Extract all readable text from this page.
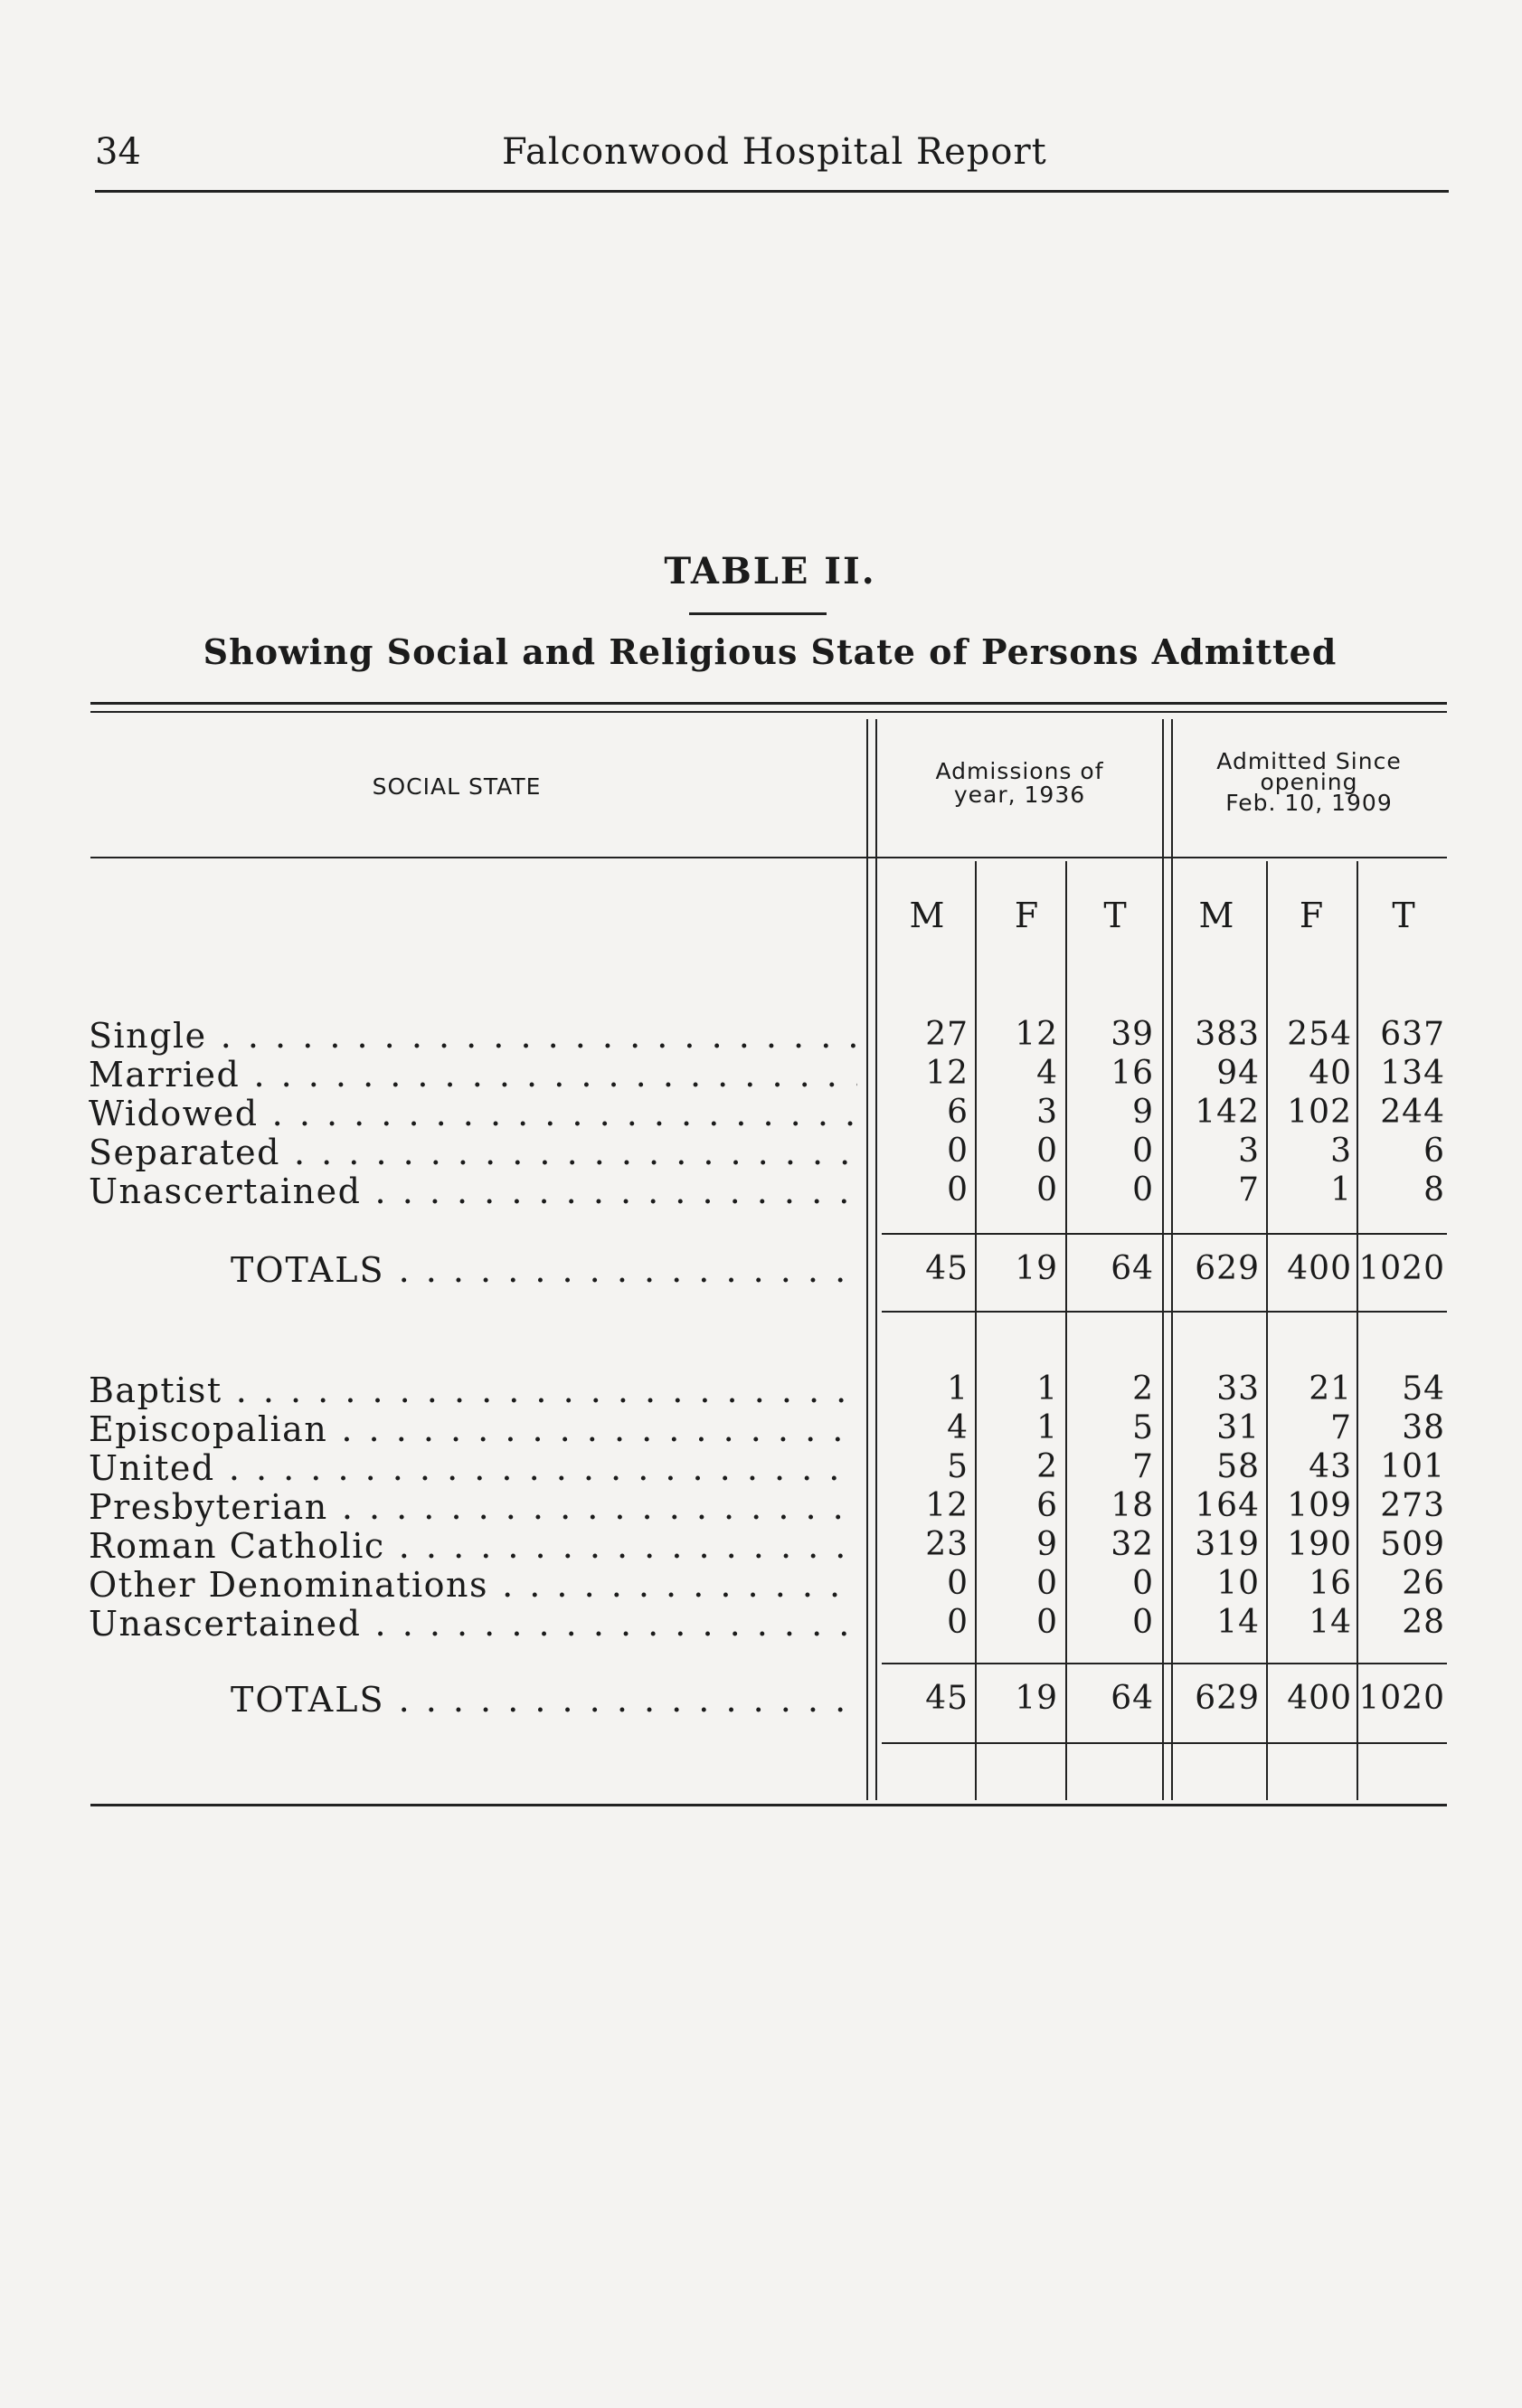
34	Falconwood Hospital Report
TABLE II.
Showing Social and Religious State of Persons Admitted
SOCIAL STATE
Admissions of
year, 1936
Admitted Since
opening
Feb. 10, 1909
M	F	T	M	F	T
Single . . .	27	12	39	383 254 637
Married . . .	12	4	16	94	40 134
Widowed . . .	6	3	9	142 102 244
Separated . . .	0	0	0	3	3	6
Unascertained . . .	0	0	0	7	1	8
TOTALS . . .	45	19	64	629 400 1020
Baptist . . .	1	1	2	33	21	54
Episcopalian . . .	4	1	5	31	7	38
United . . .	5	2	7	58	43 101
Presbyterian . . .	12	6	18	164 109 273
Roman Catholic . . .	23	9	32	319 190 509
Other Denominations . . .	0	0	0	10	16	26
Unascertained . . .	0	0	0	14	14	28
TOTALS . . .	45	19	64	629 400 1020
